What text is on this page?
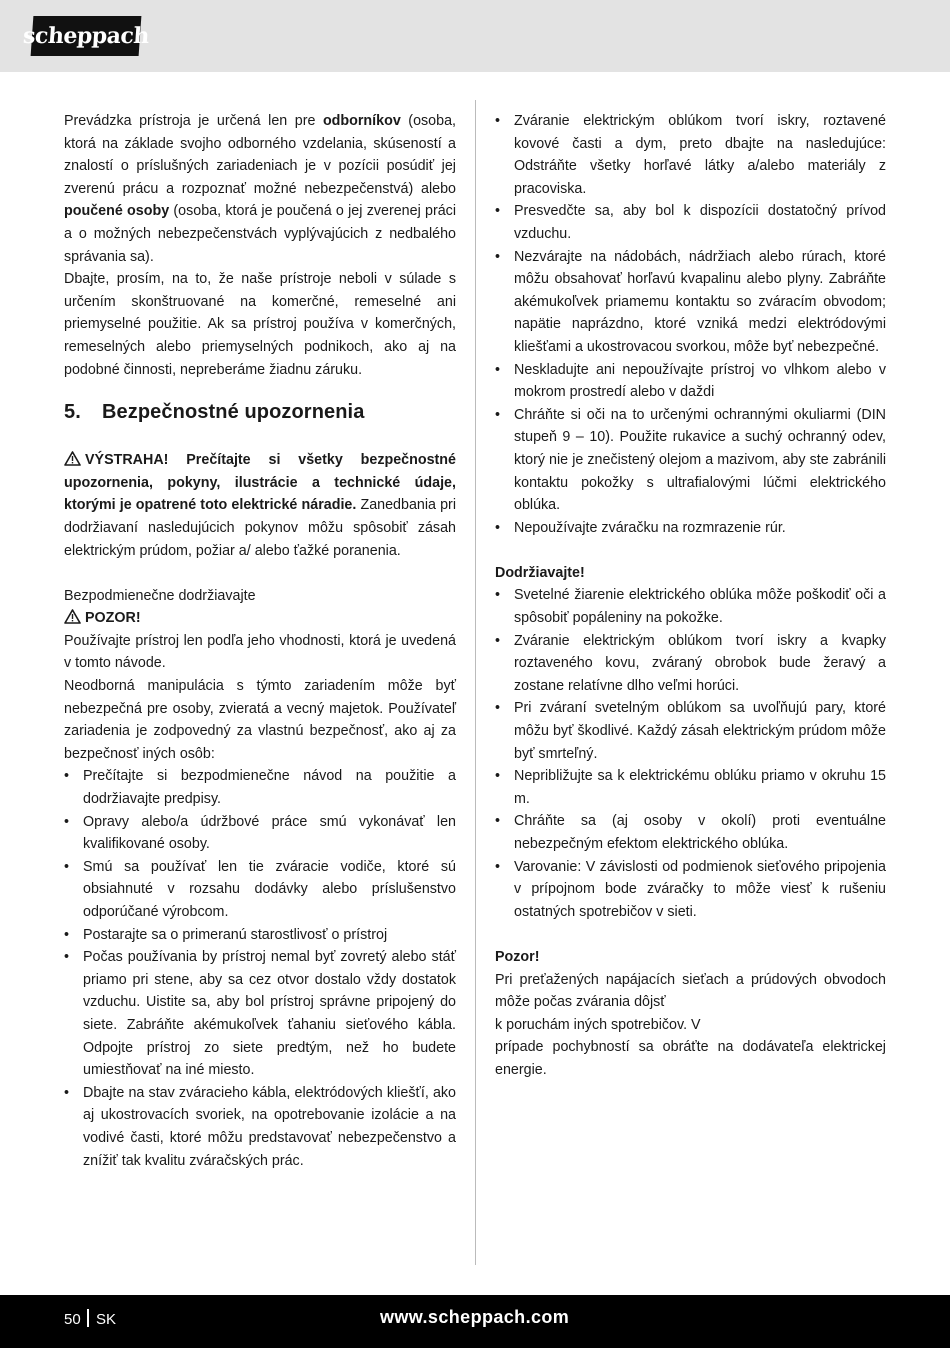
scheppach

Prevádzka prístroja je určená len pre odborníkov (osoba, ktorá na základe svojho odborného vzdelania, skúseností a znalostí o príslušných zariadeniach je v pozícii posúdiť jej zverenú prácu a rozpoznať možné nebezpečenstvá) alebo poučené osoby (osoba, ktorá je poučená o jej zverenej práci a o možných nebezpečenstvách vyplývajúcich z nedbalého správania sa).

Dbajte, prosím, na to, že naše prístroje neboli v súlade s určením skonštruované na komerčné, remeselné ani priemyselné použitie. Ak sa prístroj používa v komerčných, remeselných alebo priemyselných podnikoch, ako aj na podobné činnosti, nepreberáme žiadnu záruku.

5. Bezpečnostné upozornenia

VÝSTRAHA! Prečítajte si všetky bezpečnostné upozornenia, pokyny, ilustrácie a technické údaje, ktorými je opatrené toto elektrické náradie. Zanedbania pri dodržiavaní nasledujúcich pokynov môžu spôsobiť zásah elektrickým prúdom, požiar a/ alebo ťažké poranenia.

Bezpodmienečne dodržiavajte

POZOR!

Používajte prístroj len podľa jeho vhodnosti, ktorá je uvedená v tomto návode.

Neodborná manipulácia s týmto zariadením môže byť nebezpečná pre osoby, zvieratá a vecný majetok. Používateľ zariadenia je zodpovedný za vlastnú bezpečnosť, ako aj za bezpečnosť iných osôb:

• Prečítajte si bezpodmienečne návod na použitie a dodržiavajte predpisy.
• Opravy alebo/a údržbové práce smú vykonávať len kvalifikované osoby.
• Smú sa používať len tie zváracie vodiče, ktoré sú obsiahnuté v rozsahu dodávky alebo príslušenstvo odporúčané výrobcom.
• Postarajte sa o primeranú starostlivosť o prístroj
• Počas používania by prístroj nemal byť zovretý alebo stáť priamo pri stene, aby sa cez otvor dostalo vždy dostatok vzduchu. Uistite sa, aby bol prístroj správne pripojený do siete. Zabráňte akémukoľvek ťahaniu sieťového kábla. Odpojte prístroj zo siete predtým, než ho budete umiestňovať na iné miesto.
• Dbajte na stav zváracieho kábla, elektródových kliešťí, ako aj ukostrovacích svoriek, na opotrebovanie izolácie a na vodivé časti, ktoré môžu predstavovať nebezpečenstvo a znížiť tak kvalitu zváračských prác.
• Zváranie elektrickým oblúkom tvorí iskry, roztavené kovové časti a dym, preto dbajte na nasledujúce: Odstráňte všetky horľavé látky a/alebo materiály z pracoviska.
• Presvedčte sa, aby bol k dispozícii dostatočný prívod vzduchu.
• Nezvárajte na nádobách, nádržiach alebo rúrach, ktoré môžu obsahovať horľavú kvapalinu alebo plyny. Zabráňte akémukoľvek priamemu kontaktu so zváracím obvodom; napätie naprázdno, ktoré vzniká medzi elektródovými kliešťami a ukostrovacou svorkou, môže byť nebezpečné.
• Neskladujte ani nepoužívajte prístroj vo vlhkom alebo v mokrom prostredí alebo v daždi
• Chráňte si oči na to určenými ochrannými okuliarmi (DIN stupeň 9 – 10). Použite rukavice a suchý ochranný odev, ktorý nie je znečistený olejom a mazivom, aby ste zabránili kontaktu pokožky s ultrafialovými lúčmi elektrického oblúka.
• Nepoužívajte zváračku na rozmrazenie rúr.

Dodržiavajte!

• Svetelné žiarenie elektrického oblúka môže poškodiť oči a spôsobiť popáleniny na pokožke.
• Zváranie elektrickým oblúkom tvorí iskry a kvapky roztaveného kovu, zváraný obrobok bude žeravý a zostane relatívne dlho veľmi horúci.
• Pri zváraní svetelným oblúkom sa uvoľňujú pary, ktoré môžu byť škodlivé. Každý zásah elektrickým prúdom môže byť smrteľný.
• Nepribližujte sa k elektrickému oblúku priamo v okruhu 15 m.
• Chráňte sa (aj osoby v okolí) proti eventuálne nebezpečným efektom elektrického oblúka.
• Varovanie: V závislosti od podmienok sieťového pripojenia v prípojnom bode zváračky to môže viesť k rušeniu ostatných spotrebičov v sieti.

Pozor!

Pri preťažených napájacích sieťach a prúdových obvodoch môže počas zvárania dôjsť

k poruchám iných spotrebičov. V

prípade pochybností sa obráťte na dodávateľa elektrickej energie.

50 SK	www.scheppach.com
